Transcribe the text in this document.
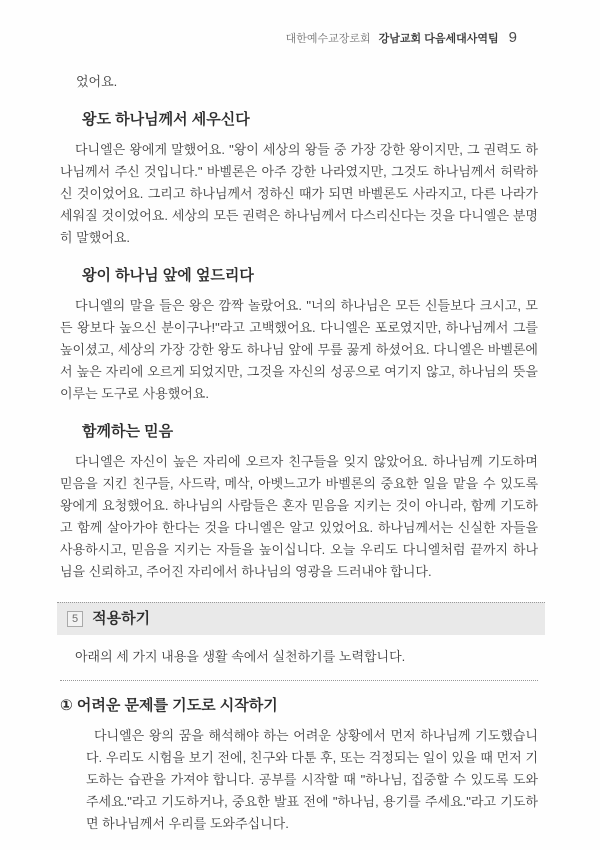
대한예수교장로회 강남교회 다음세대사역팀 9

었어요.

왕도 하나님께서 세우신다

다니엘은 왕에게 말했어요. "왕이 세상의 왕들 중 가장 강한 왕이지만, 그 권력도 하나님께서 주신 것입니다." 바벨론은 아주 강한 나라였지만, 그것도 하나님께서 허락하신 것이었어요. 그리고 하나님께서 정하신 때가 되면 바벨론도 사라지고, 다른 나라가 세워질 것이었어요. 세상의 모든 권력은 하나님께서 다스리신다는 것을 다니엘은 분명히 말했어요.

왕이 하나님 앞에 엎드리다

다니엘의 말을 들은 왕은 깜짝 놀랐어요. "너의 하나님은 모든 신들보다 크시고, 모든 왕보다 높으신 분이구나!"라고 고백했어요. 다니엘은 포로였지만, 하나님께서 그를 높이셨고, 세상의 가장 강한 왕도 하나님 앞에 무릎 꿇게 하셨어요. 다니엘은 바벨론에서 높은 자리에 오르게 되었지만, 그것을 자신의 성공으로 여기지 않고, 하나님의 뜻을 이루는 도구로 사용했어요.

함께하는 믿음

다니엘은 자신이 높은 자리에 오르자 친구들을 잊지 않았어요. 하나님께 기도하며 믿음을 지킨 친구들, 사드락, 메삭, 아벳느고가 바벨론의 중요한 일을 맡을 수 있도록 왕에게 요청했어요. 하나님의 사람들은 혼자 믿음을 지키는 것이 아니라, 함께 기도하고 함께 살아가야 한다는 것을 다니엘은 알고 있었어요. 하나님께서는 신실한 자들을 사용하시고, 믿음을 지키는 자들을 높이십니다. 오늘 우리도 다니엘처럼 끝까지 하나님을 신뢰하고, 주어진 자리에서 하나님의 영광을 드러내야 합니다.

5 적용하기

아래의 세 가지 내용을 생활 속에서 실천하기를 노력합니다.

① 어려운 문제를 기도로 시작하기

다니엘은 왕의 꿈을 해석해야 하는 어려운 상황에서 먼저 하나님께 기도했습니다. 우리도 시험을 보기 전에, 친구와 다툰 후, 또는 걱정되는 일이 있을 때 먼저 기도하는 습관을 가져야 합니다. 공부를 시작할 때 "하나님, 집중할 수 있도록 도와주세요."라고 기도하거나, 중요한 발표 전에 "하나님, 용기를 주세요."라고 기도하면 하나님께서 우리를 도와주십니다.
